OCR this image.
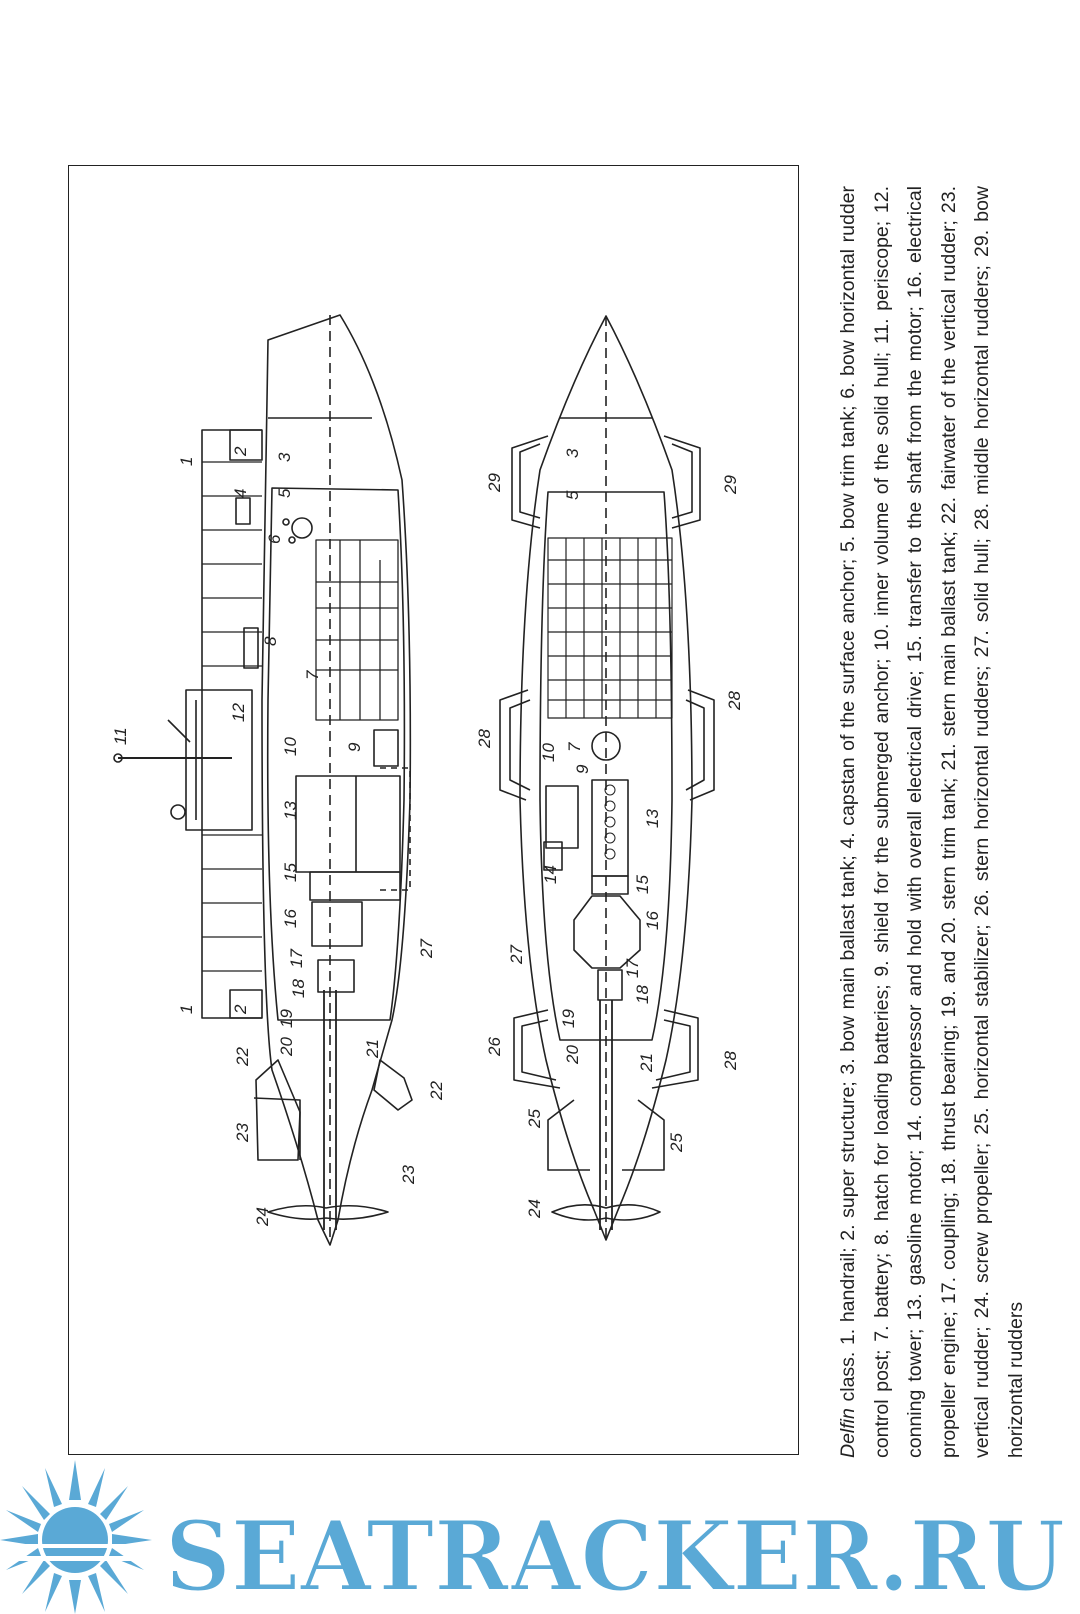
1
2
3
4 5
6
7
8
9
10
11
12
13
15
16
17
18
19
20	21
22
23
24
27
1 2
22
23
3
5
29	29
7
9
10
28
28
13
14
15
16
17
18
19
20	21
24
25
25
26
27
28
Delfin class. 1. handrail; 2. super structure; 3. bow main ballast tank; 4. capstan of the surface anchor; 5. bow trim tank; 6. bow horizontal rudder control post; 7. battery; 8. hatch for loading batteries; 9. shield for the submerged anchor; 10. inner volume of the solid hull; 11. periscope; 12. conning tower; 13. gasoline motor; 14. compressor and hold with overall electrical drive; 15. transfer to the shaft from the motor; 16. electrical propeller engine; 17. coupling; 18. thrust bearing; 19. and 20. stern trim tank; 21. stern main ballast tank; 22. fairwater of the vertical rudder; 23. vertical rudder; 24. screw propeller; 25. horizontal stabilizer; 26. stern horizontal rudders; 27. solid hull; 28. middle horizontal rudders; 29. bow horizontal rudders
SEATRACKER.RU
